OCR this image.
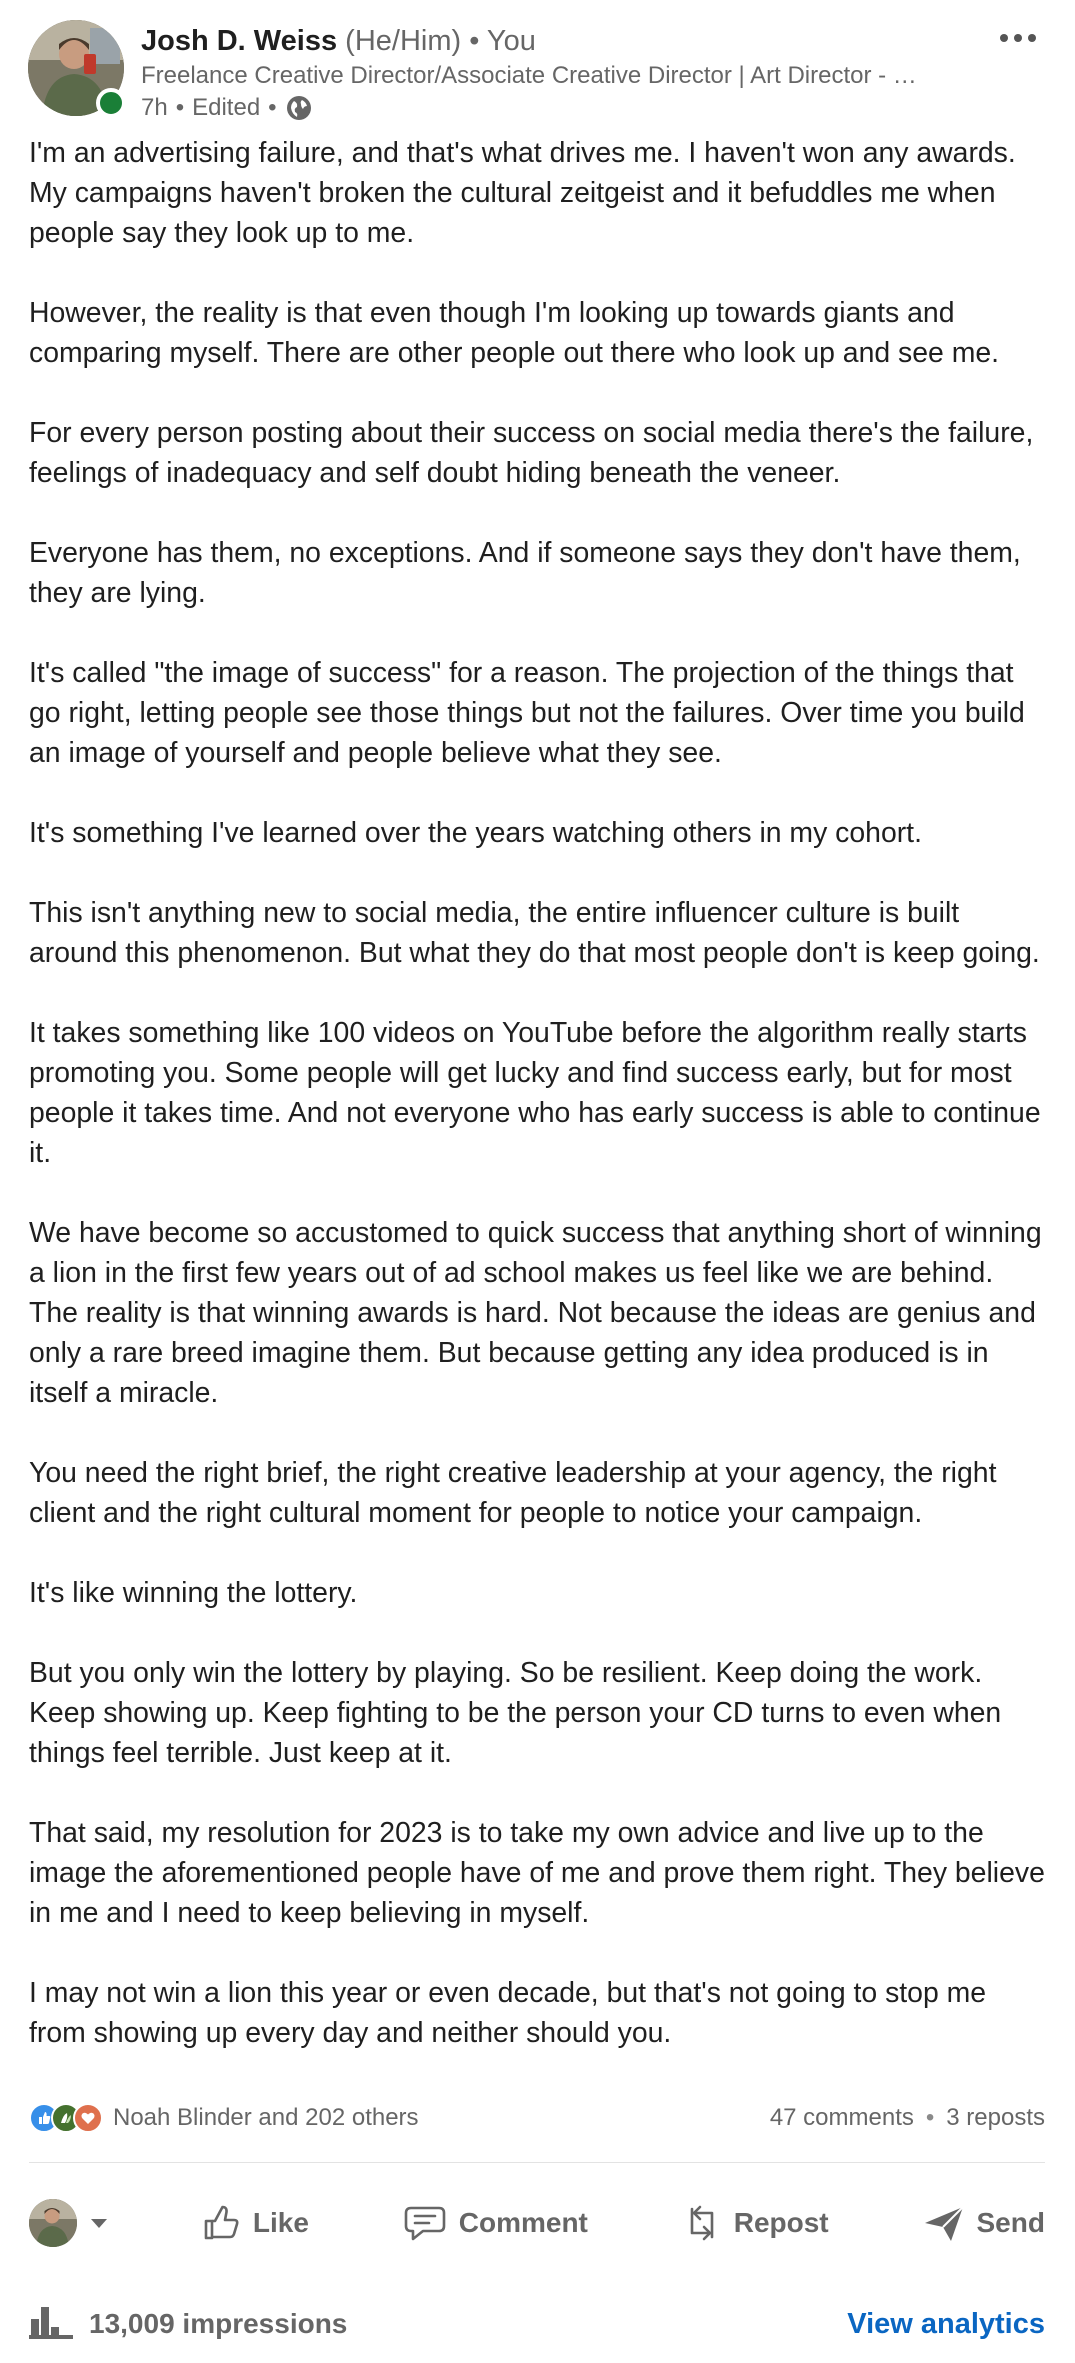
Josh D. Weiss (He/Him) • You
Freelance Creative Director/Associate Creative Director | Art Director - …
7h • Edited •

I'm an advertising failure, and that's what drives me. I haven't won any awards. My campaigns haven't broken the cultural zeitgeist and it befuddles me when people say they look up to me.

However, the reality is that even though I'm looking up towards giants and comparing myself. There are other people out there who look up and see me.

For every person posting about their success on social media there's the failure, feelings of inadequacy and self doubt hiding beneath the veneer.

Everyone has them, no exceptions. And if someone says they don't have them, they are lying.

It's called "the image of success" for a reason. The projection of the things that go right, letting people see those things but not the failures. Over time you build an image of yourself and people believe what they see.

It's something I've learned over the years watching others in my cohort.

This isn't anything new to social media, the entire influencer culture is built around this phenomenon. But what they do that most people don't is keep going.

It takes something like 100 videos on YouTube before the algorithm really starts promoting you. Some people will get lucky and find success early, but for most people it takes time. And not everyone who has early success is able to continue it.

We have become so accustomed to quick success that anything short of winning a lion in the first few years out of ad school makes us feel like we are behind. The reality is that winning awards is hard. Not because the ideas are genius and only a rare breed imagine them. But because getting any idea produced is in itself a miracle.

You need the right brief, the right creative leadership at your agency, the right client and the right cultural moment for people to notice your campaign.

It's like winning the lottery.

But you only win the lottery by playing. So be resilient. Keep doing the work. Keep showing up. Keep fighting to be the person your CD turns to even when things feel terrible. Just keep at it.

That said, my resolution for 2023 is to take my own advice and live up to the image the aforementioned people have of me and prove them right. They believe in me and I need to keep believing in myself.

I may not win a lion this year or even decade, but that's not going to stop me from showing up every day and neither should you.

Noah Blinder and 202 others	47 comments • 3 reposts
Like	Comment	Repost	Send
13,009 impressions	View analytics
